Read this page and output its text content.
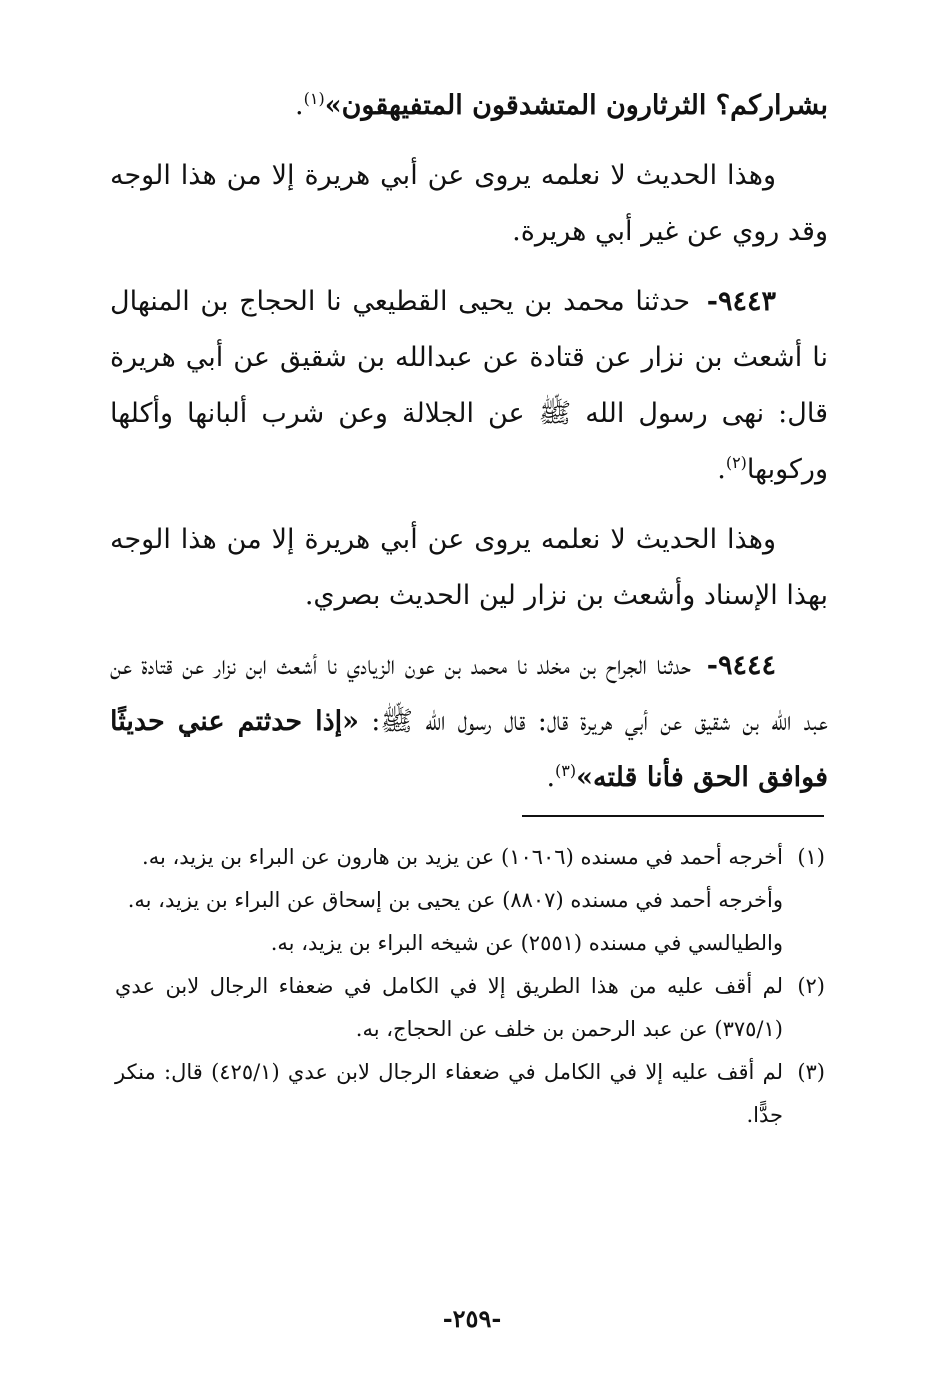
بشراركم؟ الثرثارون المتشدقون المتفيهقون»$^{(١)}$.

وهذا الحديث لا نعلمه يروى عن أبي هريرة إلا من هذا الوجه وقد روي عن غير أبي هريرة.

٩٤٤٣- حدثنا محمد بن يحيى القطيعي نا الحجاج بن المنهال نا أشعث بن نزار عن قتادة عن عبدالله بن شقيق عن أبي هريرة قال: نهى رسول الله ﷺ عن الجلالة وعن شرب ألبانها وأكلها وركوبها$^{(٢)}$.

وهذا الحديث لا نعلمه يروى عن أبي هريرة إلا من هذا الوجه بهذا الإسناد وأشعث بن نزار لين الحديث بصري.

٩٤٤٤- حدثنا الجراح بن مخلد نا محمد بن عون الزيادي نا أشعث ابن نزار عن قتادة عن عبد الله بن شقيق عن أبي هريرة قال: قال رسول الله ﷺ: «إذا حدثتم عني حديثًا فوافق الحق فأنا قلته»$^{(٣)}$.

(١)
أخرجه أحمد في مسنده (١٠٦٠٦) عن يزيد بن هارون عن البراء بن يزيد، به.
وأخرجه أحمد في مسنده (٨٨٠٧) عن يحيى بن إسحاق عن البراء بن يزيد، به.
والطيالسي في مسنده (٢٥٥١) عن شيخه البراء بن يزيد، به.
(٢)
لم أقف عليه من هذا الطريق إلا في الكامل في ضعفاء الرجال لابن عدي (٣٧٥/١) عن عبد الرحمن بن خلف عن الحجاج، به.
(٣)
لم أقف عليه إلا في الكامل في ضعفاء الرجال لابن عدي (٤٢٥/١) قال: منكر جدًّا.
-٢٥٩-
